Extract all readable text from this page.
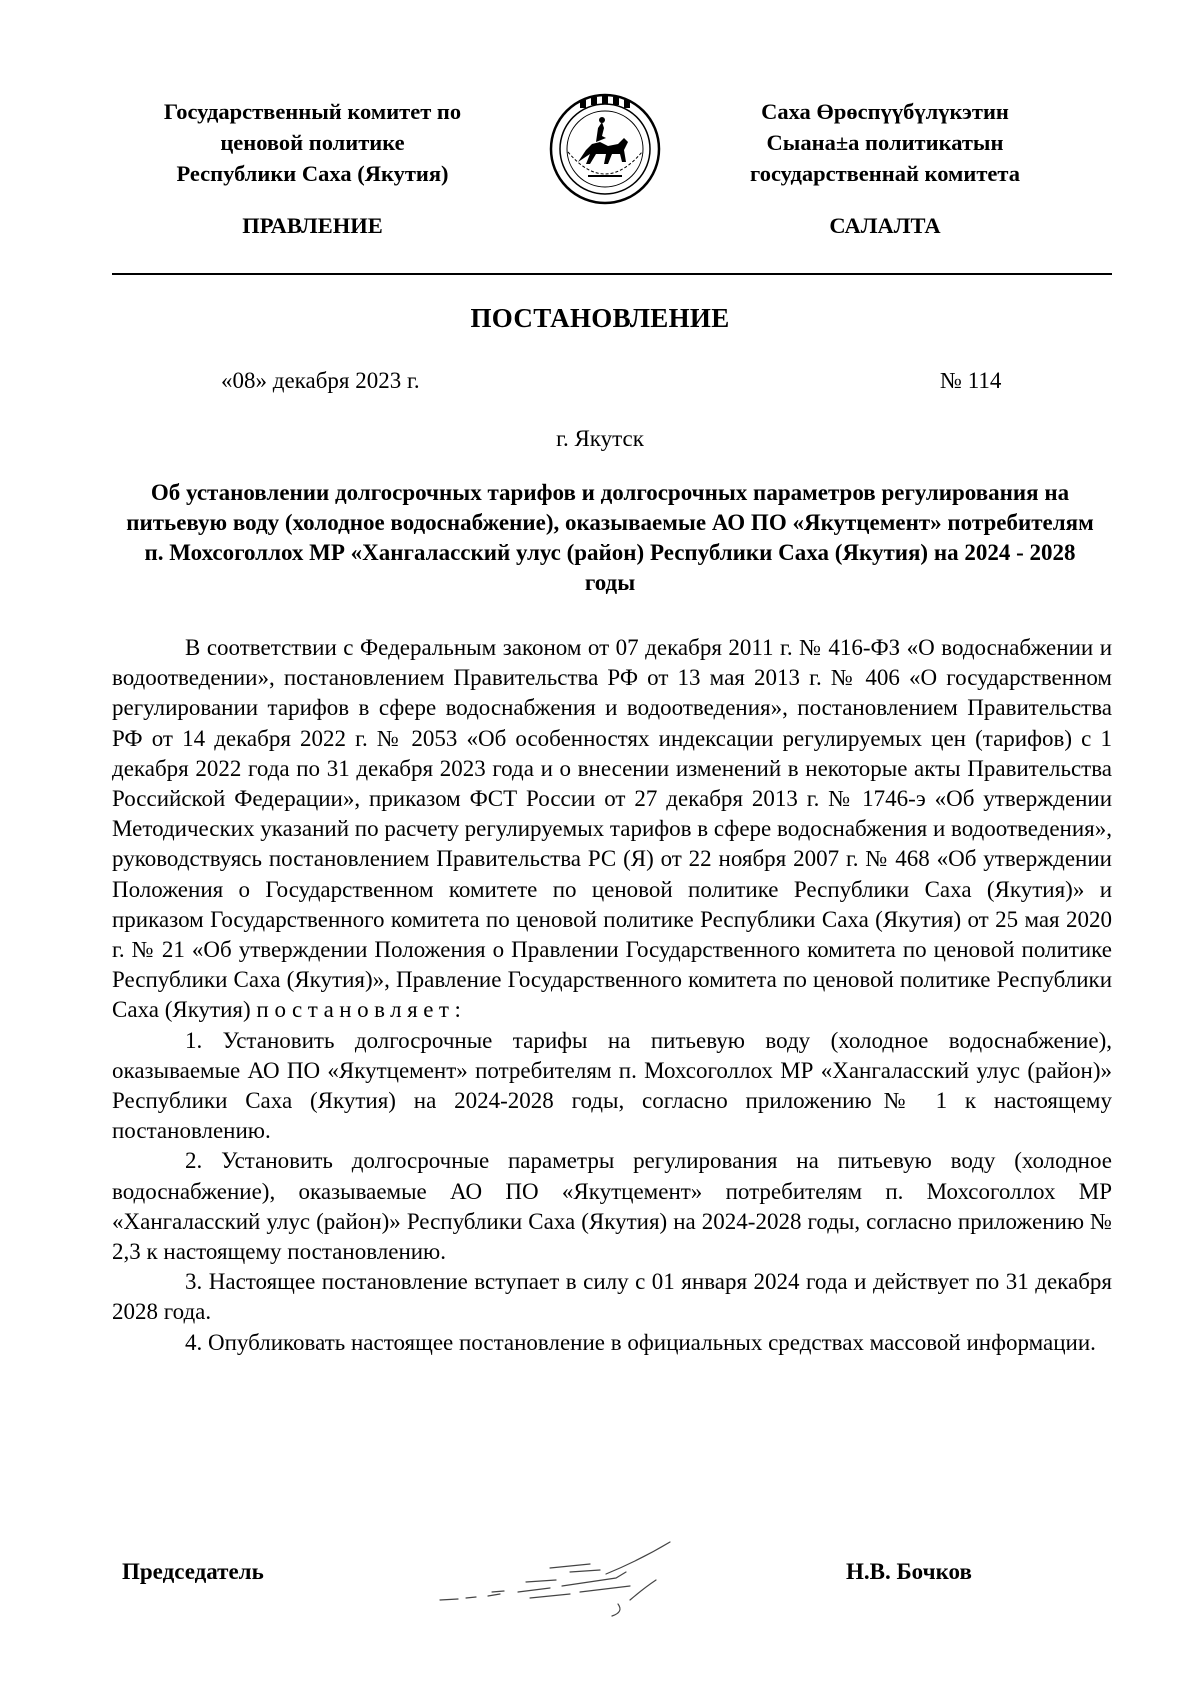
Государственный комитет по
ценовой политике
Республики Саха (Якутия)
ПРАВЛЕНИЕ
Саха Өрөспүүбүлүкэтин
Сыана±а политикатын
государственнай комитета
САЛАЛТА
ПОСТАНОВЛЕНИЕ
«08» декабря 2023 г.	№ 114
г. Якутск
Об установлении долгосрочных тарифов и долгосрочных параметров регулирования на питьевую воду (холодное водоснабжение), оказываемые АО ПО «Якутцемент» потребителям п. Мохсоголлох МР «Хангаласский улус (район) Республики Саха (Якутия) на 2024 - 2028 годы

В соответствии с Федеральным законом от 07 декабря 2011 г. № 416-ФЗ «О водоснабжении и водоотведении», постановлением Правительства РФ от 13 мая 2013 г. № 406 «О государственном регулировании тарифов в сфере водоснабжения и водоотведения», постановлением Правительства РФ от 14 декабря 2022 г. № 2053 «Об особенностях индексации регулируемых цен (тарифов) с 1 декабря 2022 года по 31 декабря 2023 года и о внесении изменений в некоторые акты Правительства Российской Федерации», приказом ФСТ России от 27 декабря 2013 г. № 1746-э «Об утверждении Методических указаний по расчету регулируемых тарифов в сфере водоснабжения и водоотведения», руководствуясь постановлением Правительства РС (Я) от 22 ноября 2007 г. № 468 «Об утверждении Положения о Государственном комитете по ценовой политике Республики Саха (Якутия)» и приказом Государственного комитета по ценовой политике Республики Саха (Якутия) от 25 мая 2020 г. № 21 «Об утверждении Положения о Правлении Государственного комитета по ценовой политике Республики Саха (Якутия)», Правление Государственного комитета по ценовой политике Республики Саха (Якутия) п остановляет:

1. Установить долгосрочные тарифы на питьевую воду (холодное водоснабжение), оказываемые АО ПО «Якутцемент» потребителям п. Мохсоголлох МР «Хангаласский улус (район)» Республики Саха (Якутия) на 2024-2028 годы, согласно приложению№ 1 к настоящему постановлению.

2. Установить долгосрочные параметры регулирования на питьевую воду (холодное водоснабжение), оказываемые АО ПО «Якутцемент» потребителям п. Мохсоголлох МР «Хангаласский улус (район)» Республики Саха (Якутия) на 2024-2028 годы, согласно приложению № 2,3 к настоящему постановлению.

3. Настоящее постановление вступает в силу с 01 января 2024 года и действует по 31 декабря 2028 года.

4. Опубликовать настоящее постановление в официальных средствах массовой информации.

Председатель	Н.В. Бочков
